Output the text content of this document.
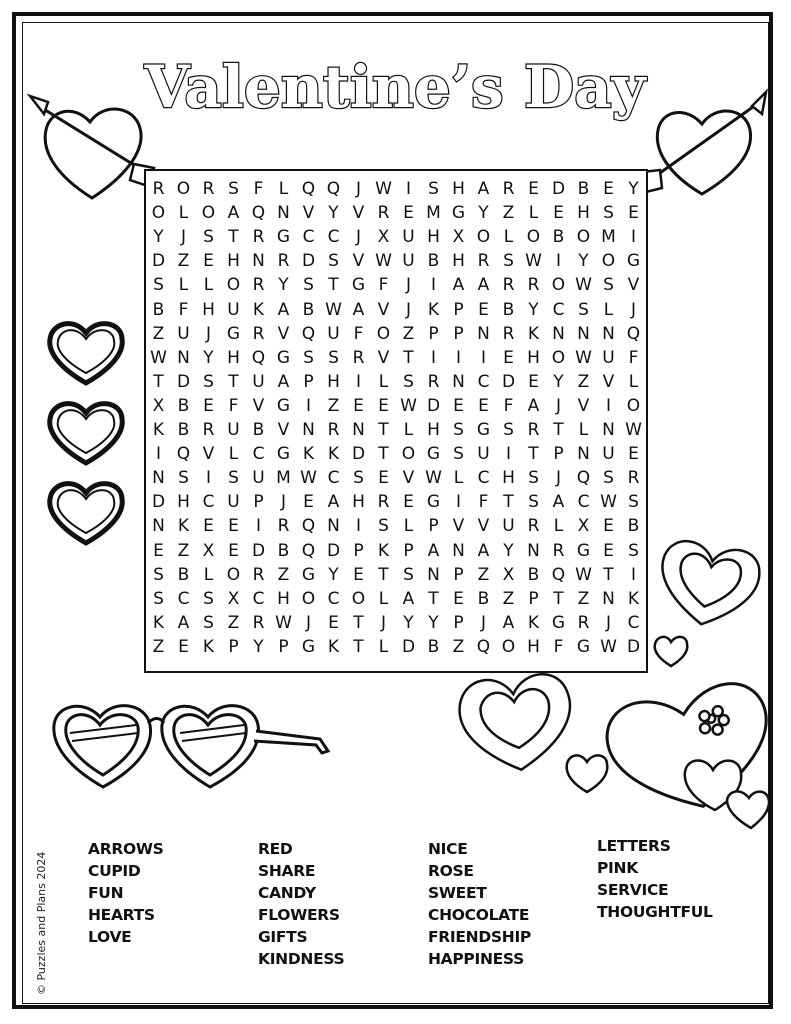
Valentine’s Day
R O R S F L Q Q J W I	S H A R E D B E Y
O L O A Q N V Y V R E M G Y Z L E H S E
Y	J	S T R G C C J X U H X O L O B O M I
D Z E H N R D S V W U B H R S W I	Y O G
S L L O R Y S T G F	J	I A A R R O W S V
B F H U K A B W A V J K P E B Y C S L	J
Z U J G R V Q U F O Z P P N R K N N N Q
W N Y H Q G S S R V T	I	I	I	E H O W U F
T D S T U A P H I	L S R N C D E Y Z V L
X B E F V G I Z E E W D E E F A J V I O
K B R U B V N R N T L H S G S R T L N W
I Q V L C G K K D T O G S U I	T P N U E
N S	I	S U M W C S E V W L C H S	J Q S R
D H C U P	J	E A H R E G I	F T S A C W S
N K E E	I R Q N I	S L P V V U R L X E B
E Z X E D B Q D P K P A N A Y N R G E S
S B L O R Z G Y E T S N P Z X B Q W T	I
S C S X C H O C O L A T E B Z P T Z N K
K A S Z R W J	E T	J	Y Y P	J A K G R J C
Z E K P Y P G K T L D B Z Q O H F G W D
ARROWS
CUPID
FUN
HEARTS
LOVE
RED
SHARE
CANDY
FLOWERS
GIFTS
KINDNESS
NICE
ROSE
SWEET
CHOCOLATE
FRIENDSHIP
HAPPINESS
LETTERS
PINK
SERVICE
THOUGHTFUL
© Puzzles and Plans 2024
